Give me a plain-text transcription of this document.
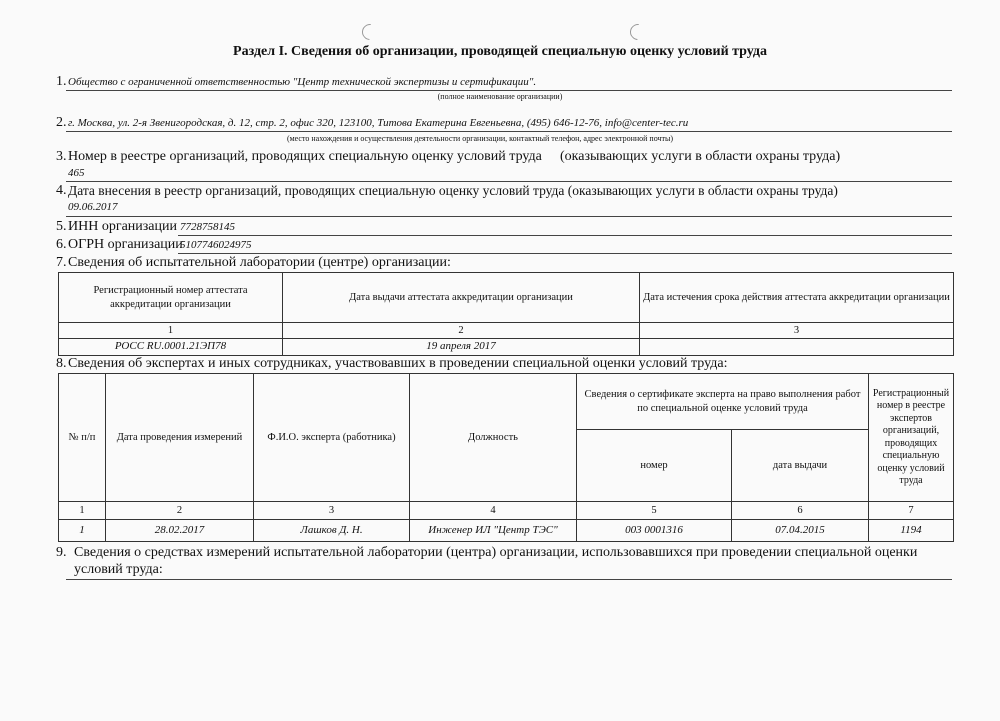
Раздел I. Сведения об организации, проводящей специальную оценку условий труда
1. Общество с ограниченной ответственностью "Центр технической экспертизы и сертификации".
(полное наименование организации)
2. г. Москва, ул. 2-я Звенигородская, д. 12, стр. 2, офис 320, 123100, Титова Екатерина Евгеньевна, (495) 646-12-76, info@center-tec.ru
(место нахождения и осуществления деятельности организации, контактный телефон, адрес электронной почты)
3. Номер в реестре организаций, проводящих специальную оценку условий труда (оказывающих услуги в области охраны труда)
465
4. Дата внесения в реестр организаций, проводящих специальную оценку условий труда (оказывающих услуги в области охраны труда)
09.06.2017
5. ИНН организации 7728758145
6. ОГРН организации
5107746024975
7. Сведения об испытательной лаборатории (центре) организации:
Регистрационный номер аттестата аккредитации организации	Дата выдачи аттестата аккредитации организации	Дата истечения срока действия аттестата аккредитации организации
1	2	3
РОСС RU.0001.21ЭП78	19 апреля 2017	
8. Сведения об экспертах и иных сотрудниках, участвовавших в проведении специальной оценки условий труда:
№ п/п	Дата проведения измерений	Ф.И.О. эксперта (работника)	Должность	Сведения о сертификате эксперта на право выполнения работ по специальной оценке условий труда		Регистрационный номер в реестре экспертов организаций, проводящих специальную оценку условий труда
				номер	дата выдачи	
1	2	3	4	5	6	7
1	28.02.2017	Лашков Д. Н.	Инженер ИЛ "Центр ТЭС"	003 0001316	07.04.2015	1194
9. Сведения о средствах измерений испытательной лаборатории (центра) организации, использовавшихся при проведении специальной оценки
условий труда:
